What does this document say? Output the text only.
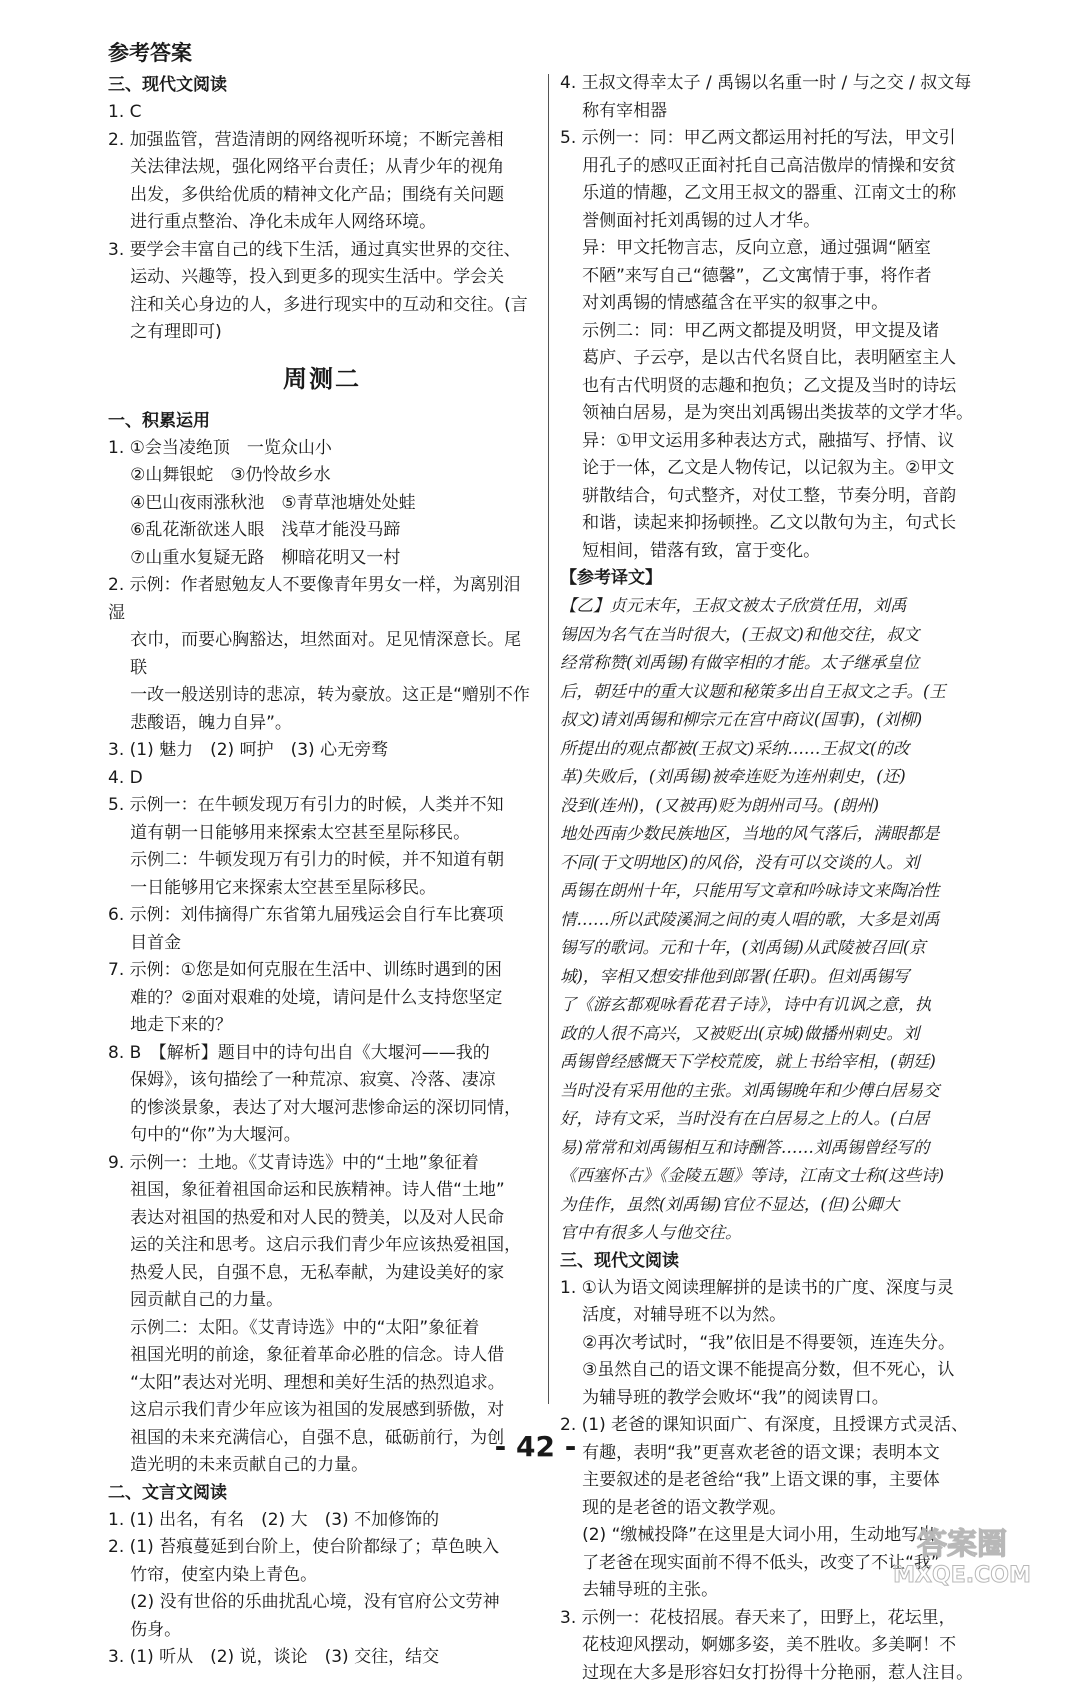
参考答案

三、现代文阅读

1. C

2. 加强监管，营造清朗的网络视听环境；不断完善相

关法律法规，强化网络平台责任；从青少年的视角

出发，多供给优质的精神文化产品；围绕有关问题

进行重点整治、净化未成年人网络环境。

3. 要学会丰富自己的线下生活，通过真实世界的交往、

运动、兴趣等，投入到更多的现实生活中。学会关

注和关心身边的人，多进行现实中的互动和交往。(言

之有理即可)

周测二

一、积累运用

1. ①会当凌绝顶　一览众山小

②山舞银蛇　③仍怜故乡水

④巴山夜雨涨秋池　⑤青草池塘处处蛙

⑥乱花渐欲迷人眼　浅草才能没马蹄

⑦山重水复疑无路　柳暗花明又一村

2. 示例：作者慰勉友人不要像青年男女一样，为离别泪湿

衣巾，而要心胸豁达，坦然面对。足见情深意长。尾联

一改一般送别诗的悲凉，转为豪放。这正是“赠别不作

悲酸语，魄力自异”。

3. (1) 魅力　(2) 呵护　(3) 心无旁骛

4. D

5. 示例一：在牛顿发现万有引力的时候，人类并不知

道有朝一日能够用来探索太空甚至星际移民。

示例二：牛顿发现万有引力的时候，并不知道有朝

一日能够用它来探索太空甚至星际移民。

6. 示例：刘伟摘得广东省第九届残运会自行车比赛项

目首金

7. 示例：①您是如何克服在生活中、训练时遇到的困

难的？②面对艰难的处境，请问是什么支持您坚定

地走下来的？

8. B　【解析】题目中的诗句出自《大堰河——我的

保姆》，该句描绘了一种荒凉、寂寞、冷落、凄凉

的惨淡景象，表达了对大堰河悲惨命运的深切同情，

句中的“你”为大堰河。

9. 示例一：土地。《艾青诗选》中的“土地”象征着

祖国，象征着祖国命运和民族精神。诗人借“土地”

表达对祖国的热爱和对人民的赞美，以及对人民命

运的关注和思考。这启示我们青少年应该热爱祖国，

热爱人民，自强不息，无私奉献，为建设美好的家

园贡献自己的力量。

示例二：太阳。《艾青诗选》中的“太阳”象征着

祖国光明的前途，象征着革命必胜的信念。诗人借

“太阳”表达对光明、理想和美好生活的热烈追求。

这启示我们青少年应该为祖国的发展感到骄傲，对

祖国的未来充满信心，自强不息，砥砺前行，为创

造光明的未来贡献自己的力量。

二、文言文阅读

1. (1) 出名，有名　(2) 大　(3) 不加修饰的

2. (1) 苔痕蔓延到台阶上，使台阶都绿了；草色映入

竹帘，使室内染上青色。

(2) 没有世俗的乐曲扰乱心境，没有官府公文劳神

伤身。

3. (1) 听从　(2) 说，谈论　(3) 交往，结交

4. 王叔文得幸太子 / 禹锡以名重一时 / 与之交 / 叔文每

称有宰相器

5. 示例一：同：甲乙两文都运用衬托的写法，甲文引

用孔子的感叹正面衬托自己高洁傲岸的情操和安贫

乐道的情趣，乙文用王叔文的器重、江南文士的称

誉侧面衬托刘禹锡的过人才华。

异：甲文托物言志，反向立意，通过强调“陋室

不陋”来写自己“德馨”，乙文寓情于事，将作者

对刘禹锡的情感蕴含在平实的叙事之中。

示例二：同：甲乙两文都提及明贤，甲文提及诸

葛庐、子云亭，是以古代名贤自比，表明陋室主人

也有古代明贤的志趣和抱负；乙文提及当时的诗坛

领袖白居易，是为突出刘禹锡出类拔萃的文学才华。

异：①甲文运用多种表达方式，融描写、抒情、议

论于一体，乙文是人物传记，以记叙为主。②甲文

骈散结合，句式整齐，对仗工整，节奏分明，音韵

和谐，读起来抑扬顿挫。乙文以散句为主，句式长

短相间，错落有致，富于变化。

【参考译文】

【乙】贞元末年，王叔文被太子欣赏任用，刘禹

锡因为名气在当时很大，(王叔文)和他交往，叔文

经常称赞(刘禹锡)有做宰相的才能。太子继承皇位

后，朝廷中的重大议题和秘策多出自王叔文之手。(王

叔文)请刘禹锡和柳宗元在宫中商议(国事)，(刘柳)

所提出的观点都被(王叔文)采纳……王叔文(的改

革)失败后，(刘禹锡)被牵连贬为连州刺史，(还)

没到(连州)，(又被再)贬为朗州司马。(朗州)

地处西南少数民族地区，当地的风气落后，满眼都是

不同(于文明地区)的风俗，没有可以交谈的人。刘

禹锡在朗州十年，只能用写文章和吟咏诗文来陶冶性

情……所以武陵溪洞之间的夷人唱的歌，大多是刘禹

锡写的歌词。元和十年，(刘禹锡)从武陵被召回(京

城)，宰相又想安排他到郎署(任职)。但刘禹锡写

了《游玄都观咏看花君子诗》，诗中有讥讽之意，执

政的人很不高兴，又被贬出(京城)做播州刺史。刘

禹锡曾经感慨天下学校荒废，就上书给宰相，(朝廷)

当时没有采用他的主张。刘禹锡晚年和少傅白居易交

好，诗有文采，当时没有在白居易之上的人。(白居

易)常常和刘禹锡相互和诗酬答……刘禹锡曾经写的

《西塞怀古》《金陵五题》等诗，江南文士称(这些诗)

为佳作，虽然(刘禹锡)官位不显达，(但)公卿大

官中有很多人与他交往。

三、现代文阅读

1. ①认为语文阅读理解拼的是读书的广度、深度与灵

活度，对辅导班不以为然。

②再次考试时，“我”依旧是不得要领，连连失分。

③虽然自己的语文课不能提高分数，但不死心，认

为辅导班的教学会败坏“我”的阅读胃口。

2. (1) 老爸的课知识面广、有深度，且授课方式灵活、

有趣，表明“我”更喜欢老爸的语文课；表明本文

主要叙述的是老爸给“我”上语文课的事，主要体

现的是老爸的语文教学观。

(2) “缴械投降”在这里是大词小用，生动地写出

了老爸在现实面前不得不低头，改变了不让“我”

去辅导班的主张。

3. 示例一：花枝招展。春天来了，田野上，花坛里，

花枝迎风摆动，婀娜多姿，美不胜收。多美啊！不

过现在大多是形容妇女打扮得十分艳丽，惹人注目。

- 42 -
答案圈
MXQE.COM
